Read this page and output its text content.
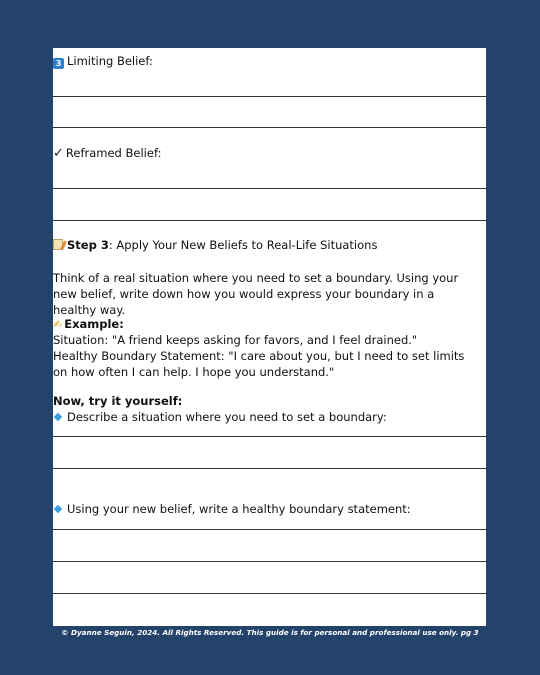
3 Limiting Belief:
✓ Reframed Belief:
Step 3: Apply Your New Beliefs to Real-Life Situations
Think of a real situation where you need to set a boundary. Using your new belief, write down how you would express your boundary in a healthy way.
✍ Example:
Situation: "A friend keeps asking for favors, and I feel drained."
Healthy Boundary Statement: "I care about you, but I need to set limits on how often I can help. I hope you understand."
Now, try it yourself:
Describe a situation where you need to set a boundary:
Using your new belief, write a healthy boundary statement:
© Dyanne Seguin, 2024. All Rights Reserved. This guide is for personal and professional use only. pg 3
